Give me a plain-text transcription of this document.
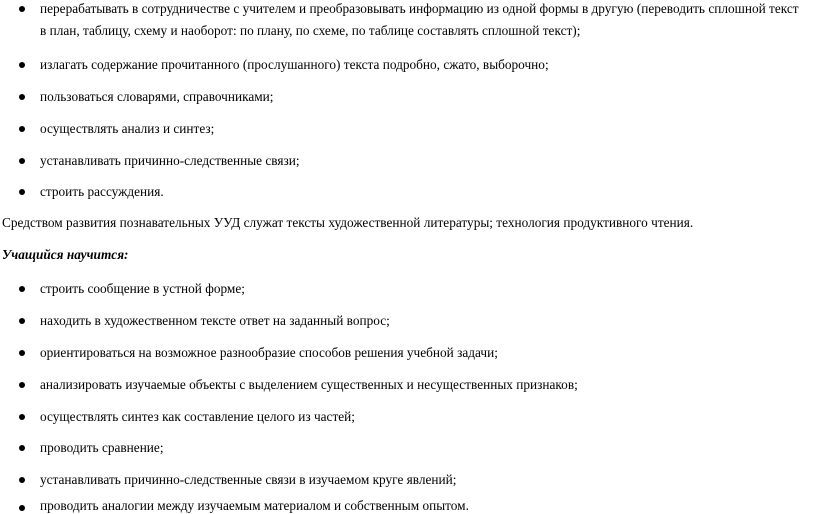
перерабатывать в сотрудничестве с учителем и преобразовывать информацию из одной формы в другую (переводить сплошной текст
в план, таблицу, схему и наоборот: по плану, по схеме, по таблице составлять сплошной текст);
излагать содержание прочитанного (прослушанного) текста подробно, сжато, выборочно;
пользоваться словарями, справочниками;
осуществлять анализ и синтез;
устанавливать причинно-следственные связи;
строить рассуждения.
Средством развития познавательных УУД служат тексты художественной литературы; технология продуктивного чтения.
Учащийся научится:
строить сообщение в устной форме;
находить в художественном тексте ответ на заданный вопрос;
ориентироваться на возможное разнообразие способов решения учебной задачи;
анализировать изучаемые объекты с выделением существенных и несущественных признаков;
осуществлять синтез как составление целого из частей;
проводить сравнение;
устанавливать причинно-следственные связи в изучаемом круге явлений;
проводить аналогии между изучаемым материалом и собственным опытом.
